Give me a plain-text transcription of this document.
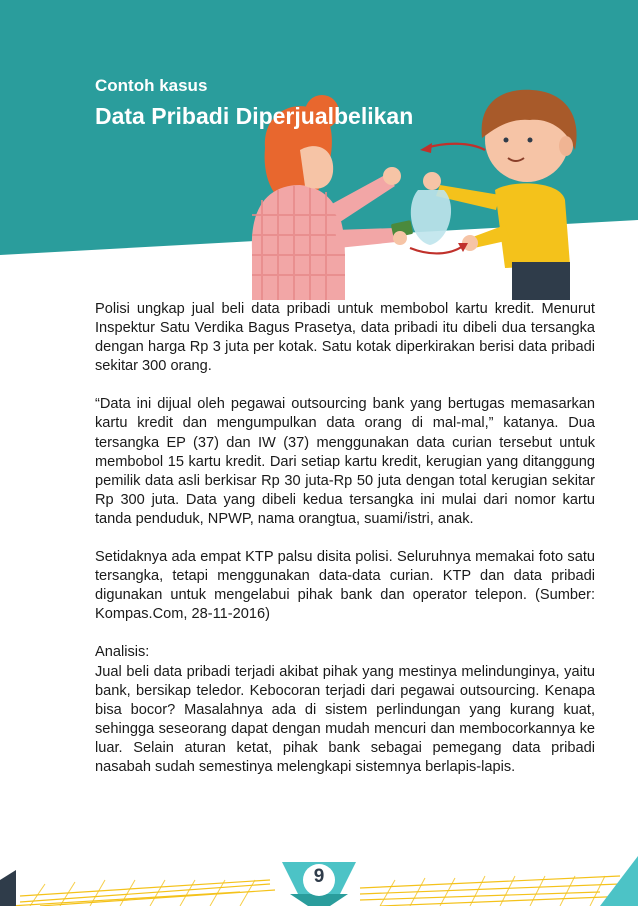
Contoh kasus
Data Pribadi Diperjualbelikan

Polisi ungkap jual beli data pribadi untuk membobol kartu kredit. Menurut Inspektur Satu Verdika Bagus Prasetya, data pribadi itu dibeli dua tersangka dengan harga Rp 3 juta per kotak. Satu kotak diperkirakan berisi data pribadi sekitar 300 orang.

“Data ini dijual oleh pegawai outsourcing bank yang bertugas memasarkan kartu kredit dan mengumpulkan data orang di mal-mal,” katanya. Dua tersangka EP (37) dan IW (37) menggunakan data curian tersebut untuk membobol 15 kartu kredit. Dari setiap kartu kredit, kerugian yang ditanggung pemilik data asli berkisar Rp 30 juta-Rp 50 juta dengan total kerugian sekitar Rp 300 juta. Data yang dibeli kedua tersangka ini mulai dari nomor kartu tanda penduduk, NPWP, nama orangtua, suami/istri, anak.

Setidaknya ada empat KTP palsu disita polisi. Seluruhnya memakai foto satu tersangka, tetapi menggunakan data-data curian. KTP dan data pribadi digunakan untuk mengelabui pihak bank dan operator telepon. (Sumber: Kompas.Com, 28-11-2016)

Analisis:

Jual beli data pribadi terjadi akibat pihak yang mestinya melindunginya, yaitu bank, bersikap teledor. Kebocoran terjadi dari pegawai outsourcing. Kenapa bisa bocor? Masalahnya ada di sistem perlindungan yang kurang kuat, sehingga seseorang dapat dengan mudah mencuri dan membocorkannya ke luar. Selain aturan ketat, pihak bank sebagai pemegang data pribadi nasabah sudah semestinya melengkapi sistemnya berlapis-lapis.

9
